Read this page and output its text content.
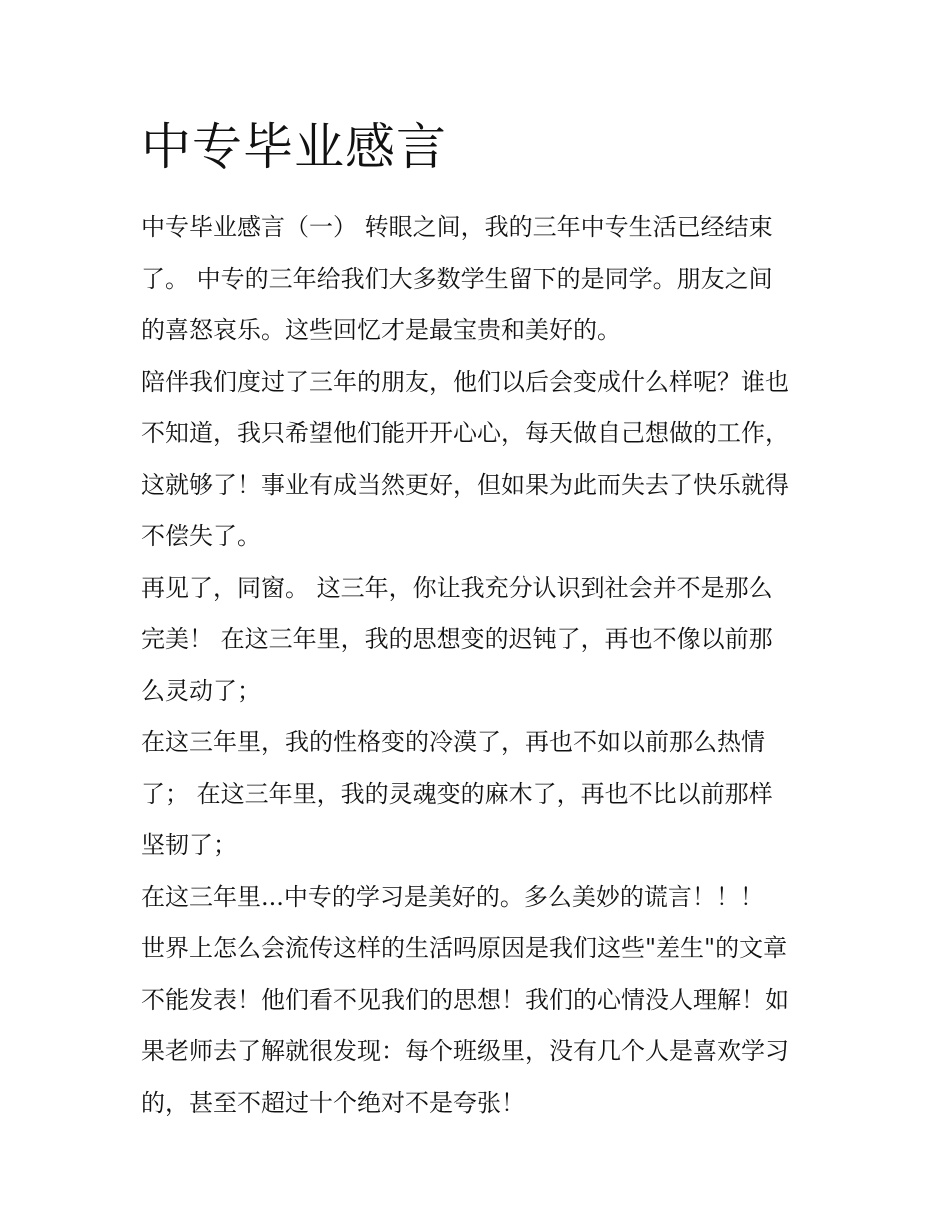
中专毕业感言

中专毕业感言（一） 转眼之间，我的三年中专生活已经结束
了。 中专的三年给我们大多数学生留下的是同学。朋友之间
的喜怒哀乐。这些回忆才是最宝贵和美好的。

陪伴我们度过了三年的朋友，他们以后会变成什么样呢？谁也
不知道，我只希望他们能开开心心，每天做自己想做的工作，
这就够了！事业有成当然更好，但如果为此而失去了快乐就得
不偿失了。

再见了，同窗。 这三年，你让我充分认识到社会并不是那么
完美！ 在这三年里，我的思想变的迟钝了，再也不像以前那
么灵动了；

在这三年里，我的性格变的冷漠了，再也不如以前那么热情
了； 在这三年里，我的灵魂变的麻木了，再也不比以前那样
坚韧了；

在这三年里...中专的学习是美好的。多么美妙的谎言！！！

世界上怎么会流传这样的生活吗原因是我们这些"差生"的文章
不能发表！他们看不见我们的思想！我们的心情没人理解！如
果老师去了解就很发现：每个班级里，没有几个人是喜欢学习
的，甚至不超过十个绝对不是夸张！
